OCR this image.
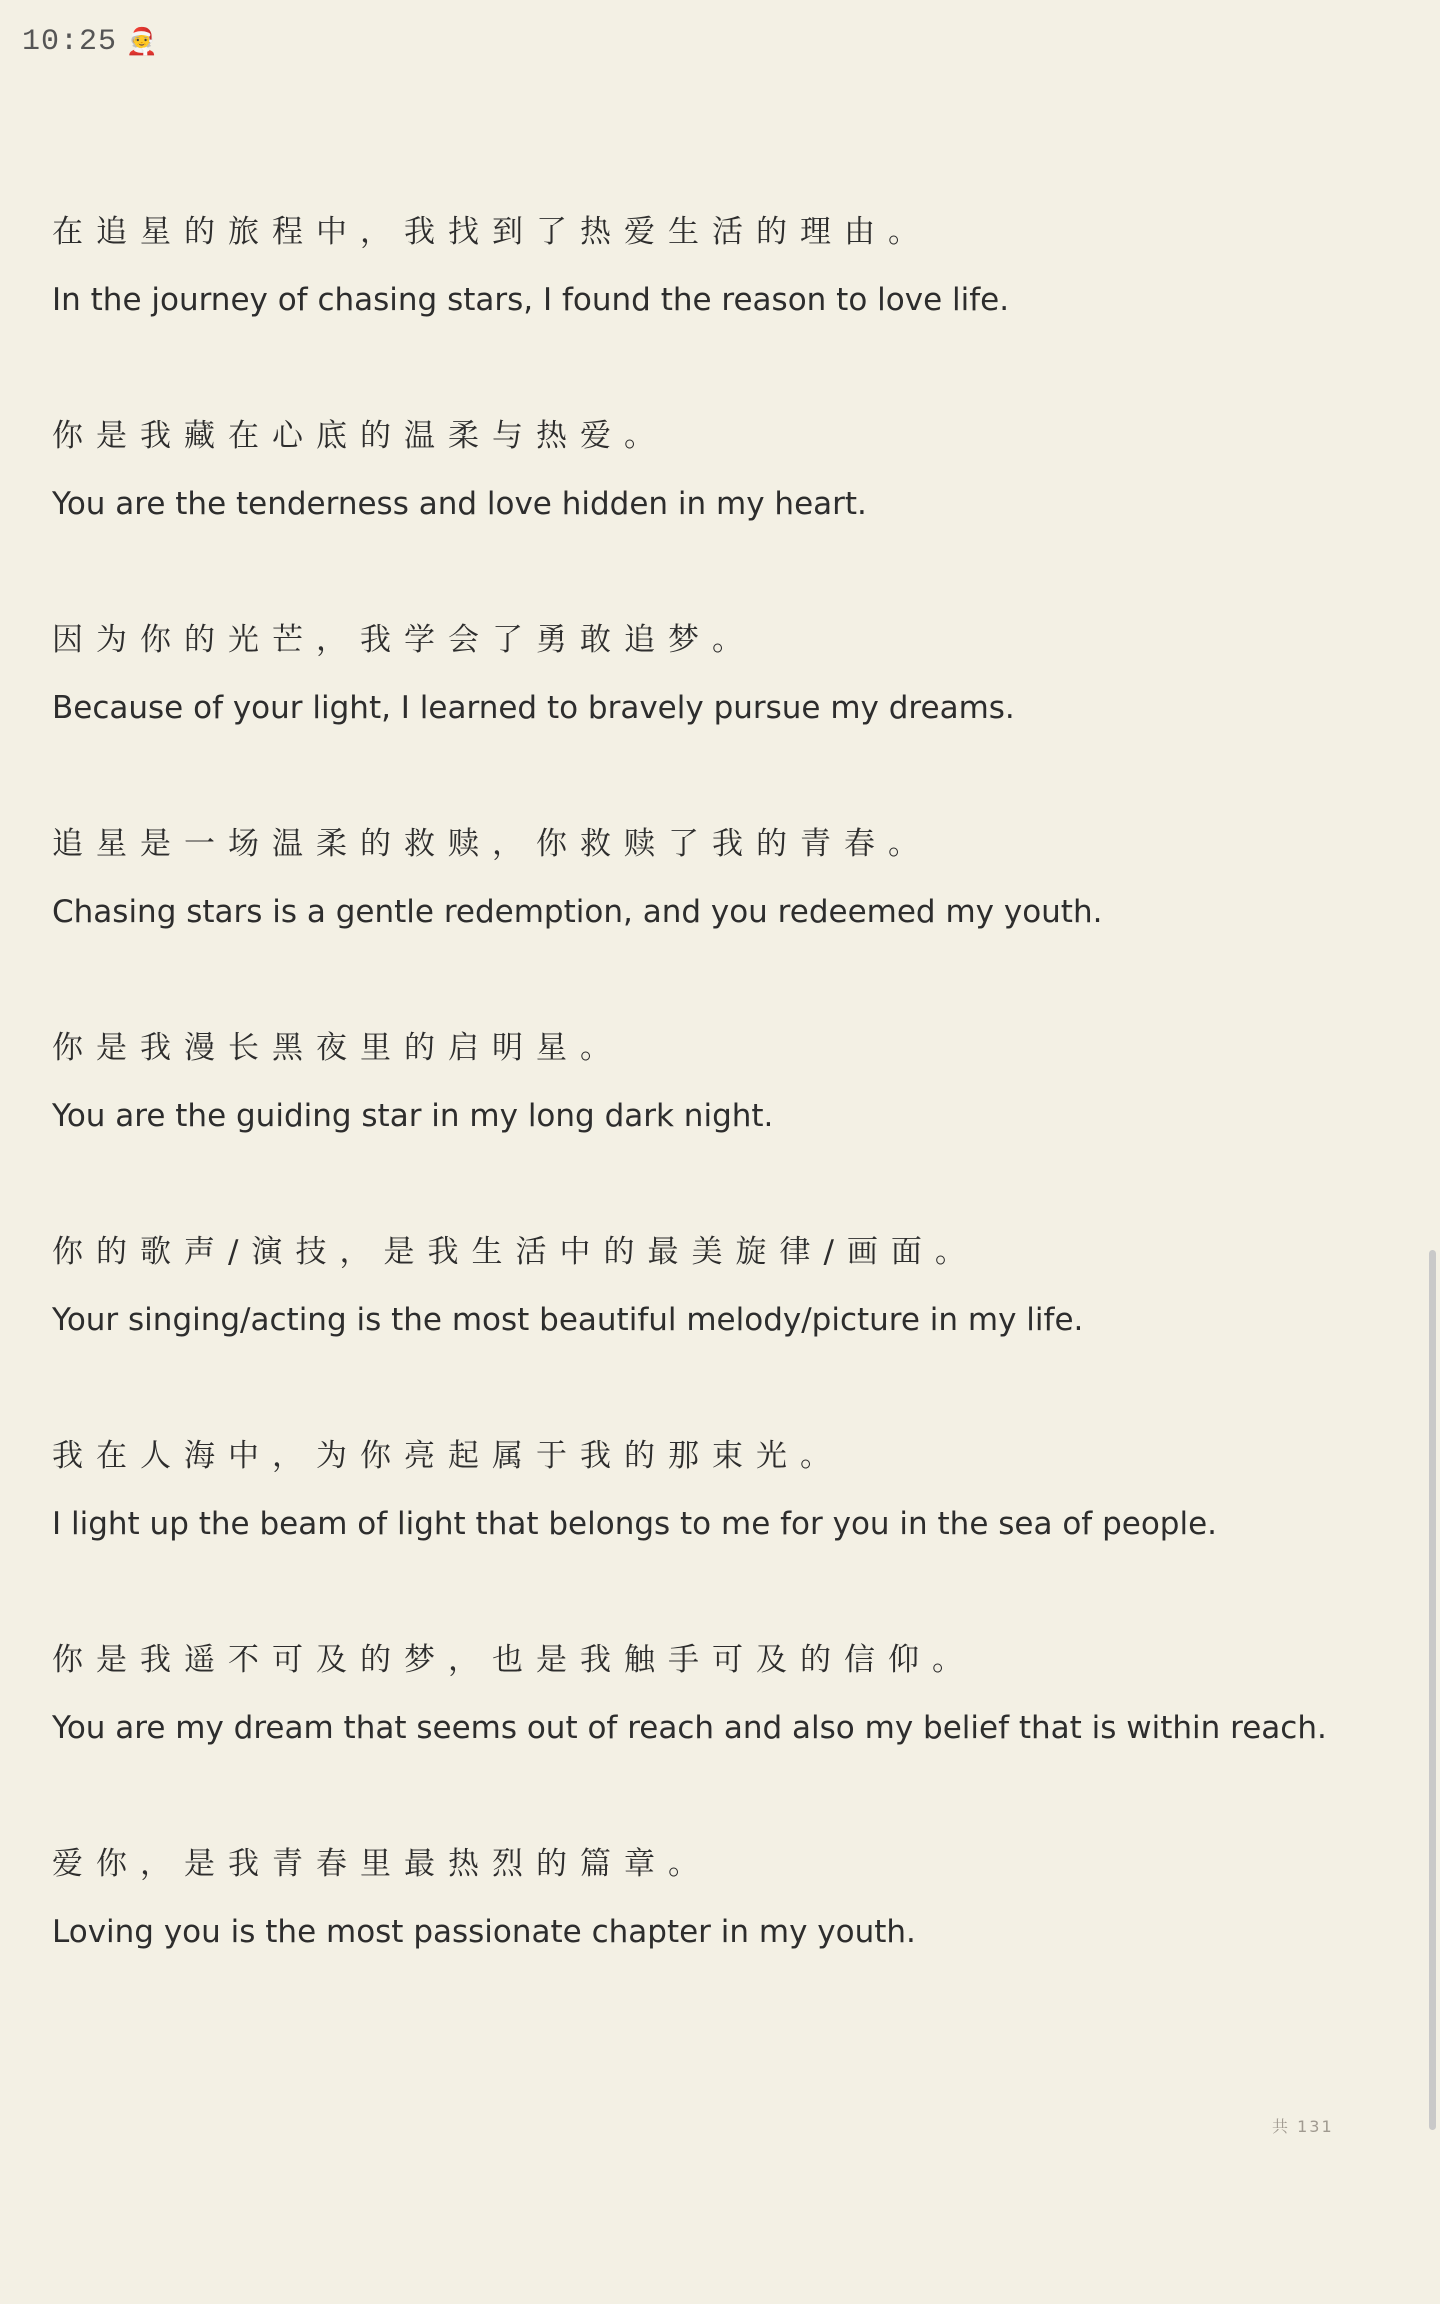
10:25 🧑‍🎄

在追星的旅程中，我找到了热爱生活的理由。

In the journey of chasing stars, I found the reason to love life.

你是我藏在心底的温柔与热爱。

You are the tenderness and love hidden in my heart.

因为你的光芒，我学会了勇敢追梦。

Because of your light, I learned to bravely pursue my dreams.

追星是一场温柔的救赎，你救赎了我的青春。

Chasing stars is a gentle redemption, and you redeemed my youth.

你是我漫长黑夜里的启明星。

You are the guiding star in my long dark night.

你的歌声/演技，是我生活中的最美旋律/画面。

Your singing/acting is the most beautiful melody/picture in my life.

我在人海中，为你亮起属于我的那束光。

I light up the beam of light that belongs to me for you in the sea of people.

你是我遥不可及的梦，也是我触手可及的信仰。

You are my dream that seems out of reach and also my belief that is within reach.

爱你，是我青春里最热烈的篇章。

Loving you is the most passionate chapter in my youth.

共 131
